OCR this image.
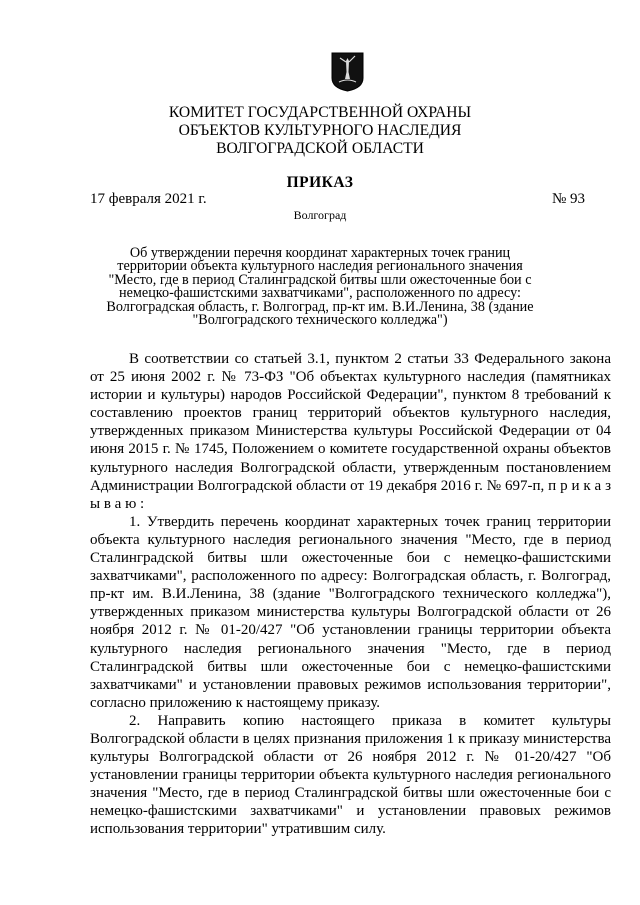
КОМИТЕТ ГОСУДАРСТВЕННОЙ ОХРАНЫ
ОБЪЕКТОВ КУЛЬТУРНОГО НАСЛЕДИЯ
ВОЛГОГРАДСКОЙ ОБЛАСТИ
ПРИКАЗ
17 февраля 2021 г.	№ 93
Волгоград
Об утверждении перечня координат характерных точек границ территории объекта культурного наследия регионального значения "Место, где в период Сталинградской битвы шли ожесточенные бои с немецко-фашистскими захватчиками", расположенного по адресу: Волгоградская область, г. Волгоград, пр-кт им. В.И.Ленина, 38 (здание "Волгоградского технического колледжа")

В соответствии со статьей 3.1, пунктом 2 статьи 33 Федерального закона от 25 июня 2002 г. № 73-ФЗ "Об объектах культурного наследия (памятниках истории и культуры) народов Российской Федерации", пунктом 8 требований к составлению проектов границ территорий объектов культурного наследия, утвержденных приказом Министерства культуры Российской Федерации от 04 июня 2015 г. № 1745, Положением о комитете государственной охраны объектов культурного наследия Волгоградской области, утвержденным постановлением Администрации Волгоградской области от 19 декабря 2016 г. № 697-п, п р и к а з ы в а ю :

1. Утвердить перечень координат характерных точек границ территории объекта культурного наследия регионального значения "Место, где в период Сталинградской битвы шли ожесточенные бои с немецко-фашистскими захватчиками", расположенного по адресу: Волгоградская область, г. Волгоград, пр-кт им. В.И.Ленина, 38 (здание "Волгоградского технического колледжа"), утвержденных приказом министерства культуры Волгоградской области от 26 ноября 2012 г. № 01-20/427 "Об установлении границы территории объекта культурного наследия регионального значения "Место, где в период Сталинградской битвы шли ожесточенные бои с немецко-фашистскими захватчиками" и установлении правовых режимов использования территории", согласно приложению к настоящему приказу.

2. Направить копию настоящего приказа в комитет культуры Волгоградской области в целях признания приложения 1 к приказу министерства культуры Волгоградской области от 26 ноября 2012 г. № 01-20/427 "Об установлении границы территории объекта культурного наследия регионального значения "Место, где в период Сталинградской битвы шли ожесточенные бои с немецко-фашистскими захватчиками" и установлении правовых режимов использования территории" утратившим силу.
